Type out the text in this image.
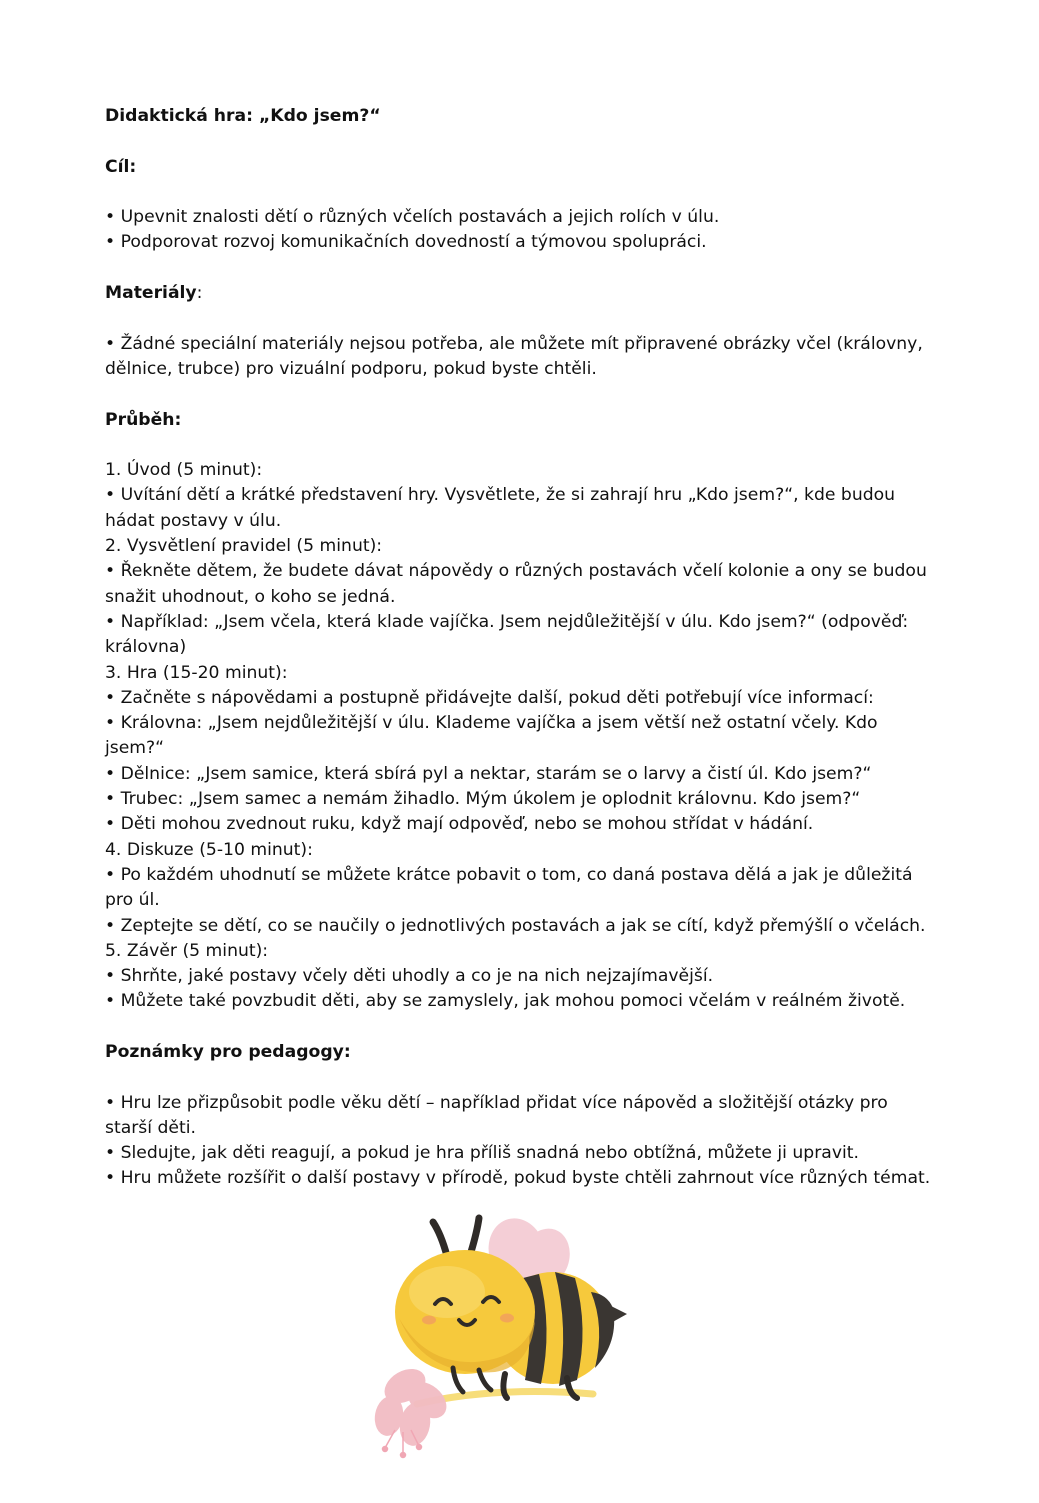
Didaktická hra: „Kdo jsem?“

Cíl:

• Upevnit znalosti dětí o různých včelích postavách a jejich rolích v úlu.

• Podporovat rozvoj komunikačních dovedností a týmovou spolupráci.

Materiály:

• Žádné speciální materiály nejsou potřeba, ale můžete mít připravené obrázky včel (královny, dělnice, trubce) pro vizuální podporu, pokud byste chtěli.

Průběh:

1. Úvod (5 minut):

• Uvítání dětí a krátké představení hry. Vysvětlete, že si zahrají hru „Kdo jsem?“, kde budou hádat postavy v úlu.

2. Vysvětlení pravidel (5 minut):

• Řekněte dětem, že budete dávat nápovědy o různých postavách včelí kolonie a ony se budou snažit uhodnout, o koho se jedná.

• Například: „Jsem včela, která klade vajíčka. Jsem nejdůležitější v úlu. Kdo jsem?“ (odpověď: královna)

3. Hra (15-20 minut):

• Začněte s nápovědami a postupně přidávejte další, pokud děti potřebují více informací:

• Královna: „Jsem nejdůležitější v úlu. Klademe vajíčka a jsem větší než ostatní včely. Kdo jsem?“

• Dělnice: „Jsem samice, která sbírá pyl a nektar, starám se o larvy a čistí úl. Kdo jsem?“

• Trubec: „Jsem samec a nemám žihadlo. Mým úkolem je oplodnit královnu. Kdo jsem?“

• Děti mohou zvednout ruku, když mají odpověď, nebo se mohou střídat v hádání.

4. Diskuze (5-10 minut):

• Po každém uhodnutí se můžete krátce pobavit o tom, co daná postava dělá a jak je důležitá pro úl.

• Zeptejte se dětí, co se naučily o jednotlivých postavách a jak se cítí, když přemýšlí o včelách.

5. Závěr (5 minut):

• Shrňte, jaké postavy včely děti uhodly a co je na nich nejzajímavější.

• Můžete také povzbudit děti, aby se zamyslely, jak mohou pomoci včelám v reálném životě.

Poznámky pro pedagogy:

• Hru lze přizpůsobit podle věku dětí – například přidat více nápověd a složitější otázky pro starší děti.

• Sledujte, jak děti reagují, a pokud je hra příliš snadná nebo obtížná, můžete ji upravit.

• Hru můžete rozšířit o další postavy v přírodě, pokud byste chtěli zahrnout více různých témat.
